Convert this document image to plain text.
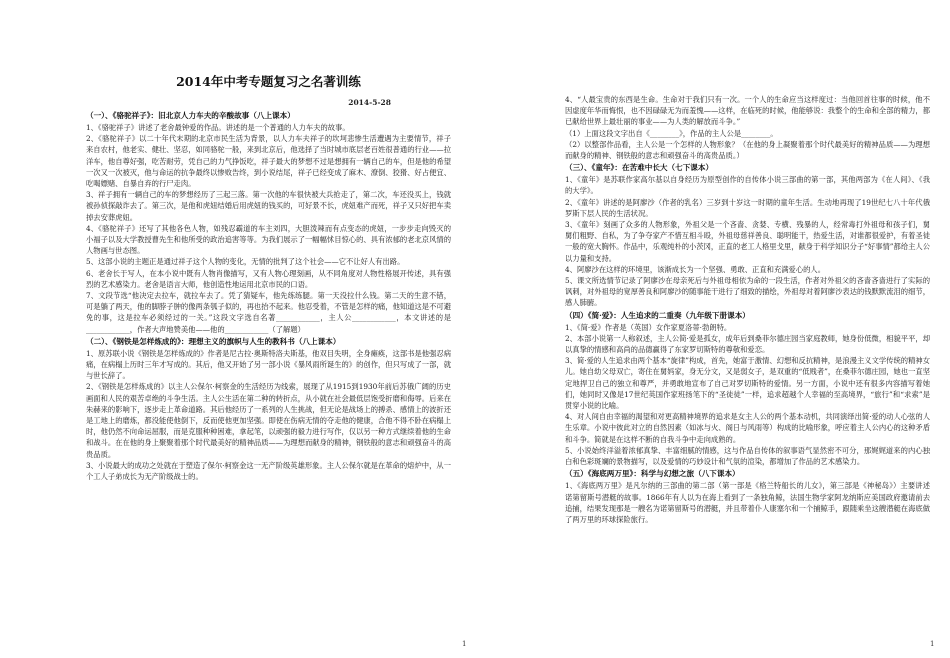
2014年中考专题复习之名著训练
2014-5-28
（一）、《骆驼祥子》：旧北京人力车夫的辛酸故事（八上课本）

1、《骆驼祥子》讲述了老舍最钟爱的作品。讲述的是一个普通的人力车夫的故事。

2、《骆驼祥子》以二十年代末期的北京市民生活为背景，以人力车夫祥子的坎坷悲惨生活遭遇为主要情节，祥子来自农村，他老实、健壮、坚忍，如同骆驼一般，来到北京后，他选择了当时城市底层老百姓很普通的行业——拉洋车，他自尊好强，吃苦耐劳，凭自己的力气挣饭吃，祥子最大的梦想不过是想拥有一辆自己的车，但是他的希望一次又一次被灭，他与命运的抗争最终以惨败告终，到小说结尾，祥子已经变成了麻木、潦倒、狡猾、好占便宜、吃喝嫖赌、自暴自弃的行尸走肉。

3、祥子拥有一辆自己的车的梦想经历了三起三落。第一次他的车很快被大兵抢走了，第二次，车还没买上，钱就被孙侦探敲诈去了。第三次，是他和虎妞结婚后用虎妞的钱买的，可好景不长，虎妞难产而死，祥子又只好把车卖掉去安葬虎妞。

4、《骆驼祥子》还写了其他各色人物，如残忍霸道的车主刘四，大胆泼辣而有点变态的虎妞，一步步走向毁灭的小福子以及大学教授曹先生和他所受的政治追害等等。为我们展示了一幅幅怵目惊心的、具有浓郁的老北京风情的人物画与世态图。

5、这部小说的主题正是通过祥子这个人物的变化，无情的批判了这个社会——它不让好人有出路。

6、老舍长于写人，在本小说中既有人物肖像描写，又有人物心理刻画，从不同角度对人物性格展开传述，具有强烈的艺术感染力。老舍是语言大师，他创造性地运用北京市民的口语。

7、文段节选“他决定去拉车，就拉车去了。凭了猜疑车，他先练练腿。第一天没拉什么钱。第二天的生意不错，可是躺了两天，他的脚脖子肿的像两条瓠子似的，再也抬不起来。他忍受着，不管是怎样的痛，他知道这是不可避免的事，这是拉车必须经过的一关。”这段文字选自名著____________，主人公____________，本文讲述的是____________，作者大声地赞美他——他的____________（了解题）

（二）、《钢铁是怎样炼成的》：理想主义的旗帜与人生的教科书（八上课本）

1、原苏联小说《钢铁是怎样炼成的》作者是尼古拉·奥斯特洛夫斯基，他双目失明，全身瘫痪，这部书是他强忍病痛，在病榻上历时三年才写成的。其后，他又开始了另一部小说《暴风雨所诞生的》的创作，但只写成了一部，就与世长辞了。

2、《钢铁是怎样炼成的》以主人公保尔·柯察金的生活经历为线索，展现了从1915到1930年前后苏俄广阔的历史画面和人民的艰苦卓绝的斗争生活。主人公生活在第二种的转折点，从小就在社会最低层饱受折磨和侮辱。后来在朱赫来的影响下，逐步走上革命道路。其后他经历了一系列的人生挑战，但无论是战场上的搏杀、感情上的波折还是工地上的磨炼，都没能使他倒下，反而使他更加坚强。即使在伤病无情的夺走他的健康，合他不得不卧在病榻上时，他仍然不向命运屈服，而是克服种种困难，拿起笔，以顽强的毅力进行写作，仅以另一种方式继续着他的生命和战斗。在在他的身上聚聚着那个时代最美好的精神品质——为理想而献身的精神，钢铁般的意志和顽强奋斗的高贵品质。

3、小说最大的成功之处就在于塑造了保尔·柯察金这一无产阶级英雄形象。主人公保尔就是在革命的熔炉中，从一个工人子弟成长为无产阶级战士的。

1

4、“人最宝贵的东西是生命。生命对于我们只有一次。一个人的生命应当这样度过：当他回首往事的时候，他不因虚度年华而悔恨，也不因碌碌无为而羞愧——这样，在临死的时候，他能够说：我整个的生命和全部的精力，都已献给世界上最壮丽的事业——为人类的解放而斗争。”

（1）上面这段文字出自《________》，作品的主人公是________。

（2）以整部作品看，主人公是一个怎样的人物形象？（在他的身上凝聚着那个时代最美好的精神品质——为理想而献身的精神、钢铁般的意志和顽强奋斗的高贵品质。）

（三）、《童年》：在苦难中长大（七下课本）

1、《童年》是苏联作家高尔基以自身经历为原型创作的自传体小说三部曲的第一部，其他两部为《在人间》、《我的大学》。

2、《童年》讲述的是阿廖沙（作者的乳名）三岁到十岁这一时期的童年生活。生动地再现了19世纪七八十年代俄罗斯下层人民的生活状况。

3、《童年》刻画了众多的人物形象，外祖父是一个吝啬、贪婪、专横、残暴的人，经常毒打外祖母和孩子们，舅舅们粗野、自私，为了争夺家产不惜互相斗殴，外祖母慈祥善良、聪明能干，热爱生活，对谁都很爱护，有着圣徒一般的宽大胸怀。作品中，乐观纯朴的小茨冈，正直的老工人格里戈里，献身于科学知识分子“好事情”都给主人公以力量和支持。

4、阿廖沙在这样的环境里，该渐成长为一个坚强、勇敢、正直和充满爱心的人。

5、课文所选情节记录了阿廖沙在母亲死后与外祖母相依为命的一段生活，作者对外祖父的吝啬吝啬进行了实际的讽刺，对外祖母的宽厚善良和阿廖沙的随事能干进行了细致的描绘，外祖母对着阿廖沙表达的钱默默流泪的细节，感人肺腑。

（四）《简·爱》：人生追求的二重奏（九年级下册课本）

1、《简·爱》作者是（英国）女作家夏洛蒂·勃朗特。

2、本部小说第一人称叙述，主人公简·爱是孤女，成年后到桑菲尔德庄园当家庭教师，她身份低微，相貌平平，却以真挚的情感和高尚的品德赢得了东家罗切斯特的尊敬和爱恋。

3、简·爱的人生追求由两个基本“旋律”构成，首先，她富于激情、幻想和反抗精神，是浪漫主义文学传统的精神女儿。她自幼父母双亡，寄住在舅妈家，身无分文，又是弱女子，是双重的“低贱者”，在桑菲尔德庄园，她也一直坚定地捍卫自己的独立和尊严，并勇敢地宣布了自己对罗切斯特的爱情。另一方面，小说中还有很多内容描写着她们，她同时又像是17世纪英国作家班扬笔下的“圣徒徒”一样，追求超越个人幸福的至高境界，“旅行”和“求索”是贯穿小说的比喻。

4、对人间自由幸福的渴望和对更高精神境界的追求是女主人公的两个基本动机，共同演绎出简·爱的动人心弦的人生乐章。小说中彼此对立的自然因素（如冰与火、阁日与风雨等）构成的比喻形象，呼应着主人公内心的这种矛盾和斗争。简就是在这样不断的自我斗争中走向成熟的。

5、小说始终洋溢着浓郁真挚、丰富细腻的情感，这与作品自传体的叙事语气显然密不可分，那娓娓道来的内心独白和色彩斑斓的景物描写，以及爱情的巧妙设计和气氛的渲染，都增加了作品的艺术感染力。

（五）《海底两万里》：科学与幻想之旅（八下课本）

1、《海底两万里》是凡尔纳的三部曲的第二部（第一部是《格兰特船长的儿女》，第三部是《神秘岛》）主要讲述诺第留斯号潜艇的故事。1866年有人以为在海上看到了一条独角鲸，法国生物学家阿龙纳斯应美国政府邀请前去追捕，结果发现那是一艘名为诺第留斯号的潜艇，并且带着仆人康塞尔和一个捕鲸手，跟随乘坐这艘潜艇在海底做了两万里的环球探险旅行。

1
